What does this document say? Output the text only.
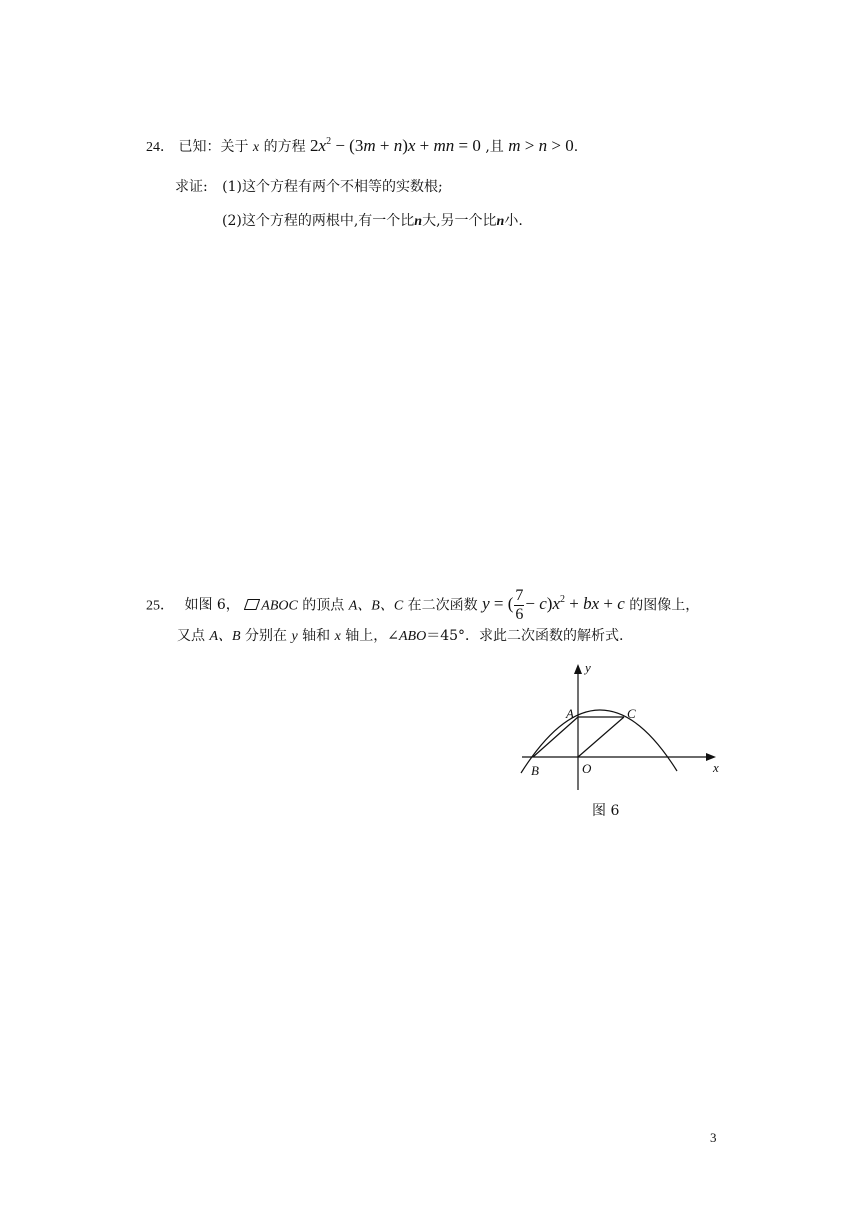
24． 已知：关于 x 的方程 $2x^2 - (3m + n)x$ + mn = 0 ,且 m > n > 0.
求证: (1)这个方程有两个不相等的实数根;
(2)这个方程的两根中,有一个比n大,另一个比n小.
25． 如图 6， ABOC 的顶点 A、B、C 在二次函数 y = ( $\frac{7}{6} - c)x^2$ + bx + c 的图像上，
又点 A、B 分别在 y 轴和 x 轴上，∠ABO＝45°．求此二次函数的解析式.
y
x
A	C
B	O
图 6
3
